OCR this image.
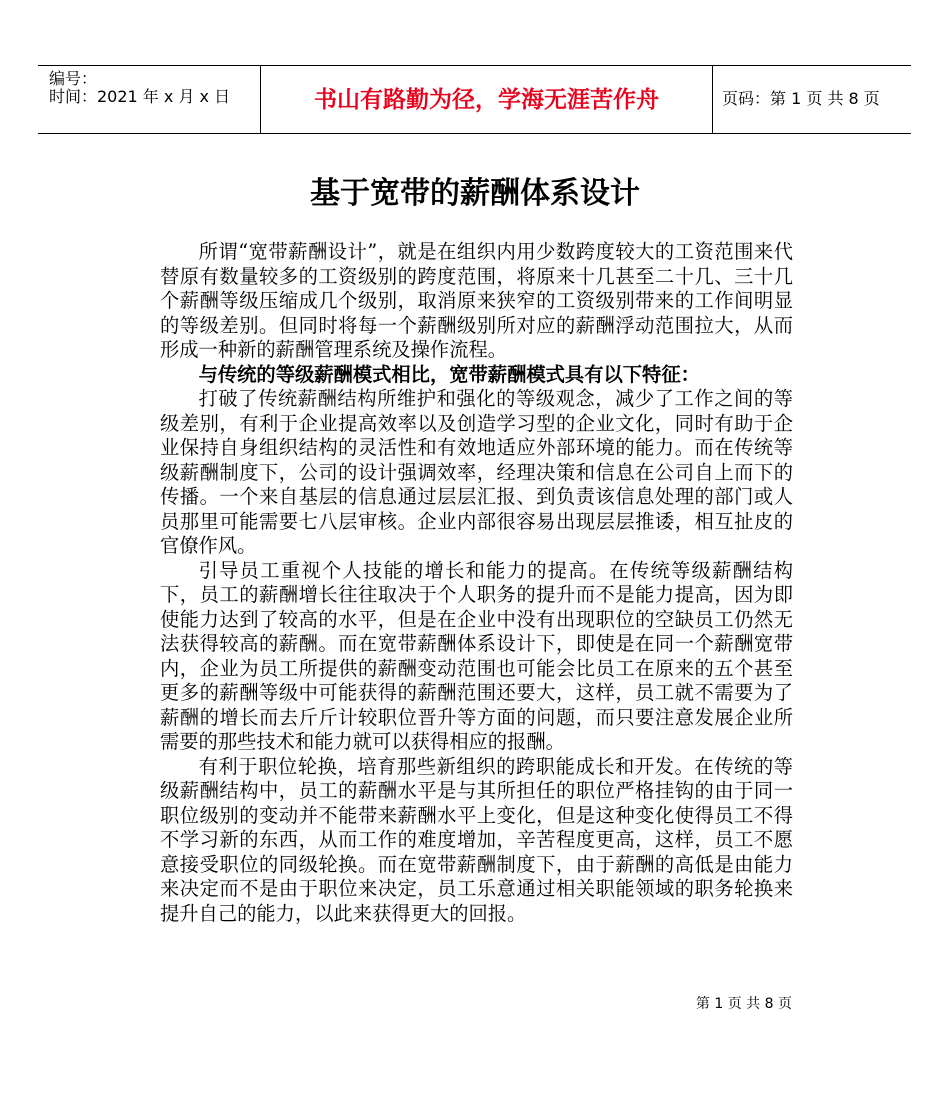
编号：
时间：2021 年 x 月 x 日	书山有路勤为径，学海无涯苦作舟	页码：第 1 页 共 8 页
基于宽带的薪酬体系设计

所谓“宽带薪酬设计”，就是在组织内用少数跨度较大的工资范围来代替原有数量较多的工资级别的跨度范围，将原来十几甚至二十几、三十几个薪酬等级压缩成几个级别，取消原来狭窄的工资级别带来的工作间明显的等级差别。但同时将每一个薪酬级别所对应的薪酬浮动范围拉大，从而形成一种新的薪酬管理系统及操作流程。

与传统的等级薪酬模式相比，宽带薪酬模式具有以下特征：

打破了传统薪酬结构所维护和强化的等级观念，减少了工作之间的等级差别，有利于企业提高效率以及创造学习型的企业文化，同时有助于企业保持自身组织结构的灵活性和有效地适应外部环境的能力。而在传统等级薪酬制度下，公司的设计强调效率，经理决策和信息在公司自上而下的传播。一个来自基层的信息通过层层汇报、到负责该信息处理的部门或人员那里可能需要七八层审核。企业内部很容易出现层层推诿，相互扯皮的官僚作风。

引导员工重视个人技能的增长和能力的提高。在传统等级薪酬结构下，员工的薪酬增长往往取决于个人职务的提升而不是能力提高，因为即使能力达到了较高的水平，但是在企业中没有出现职位的空缺员工仍然无法获得较高的薪酬。而在宽带薪酬体系设计下，即使是在同一个薪酬宽带内，企业为员工所提供的薪酬变动范围也可能会比员工在原来的五个甚至更多的薪酬等级中可能获得的薪酬范围还要大，这样，员工就不需要为了薪酬的增长而去斤斤计较职位晋升等方面的问题，而只要注意发展企业所需要的那些技术和能力就可以获得相应的报酬。

有利于职位轮换，培育那些新组织的跨职能成长和开发。在传统的等级薪酬结构中，员工的薪酬水平是与其所担任的职位严格挂钩的由于同一职位级别的变动并不能带来薪酬水平上变化，但是这种变化使得员工不得不学习新的东西，从而工作的难度增加，辛苦程度更高，这样，员工不愿意接受职位的同级轮换。而在宽带薪酬制度下，由于薪酬的高低是由能力来决定而不是由于职位来决定，员工乐意通过相关职能领域的职务轮换来提升自己的能力，以此来获得更大的回报。

第 1 页 共 8 页
